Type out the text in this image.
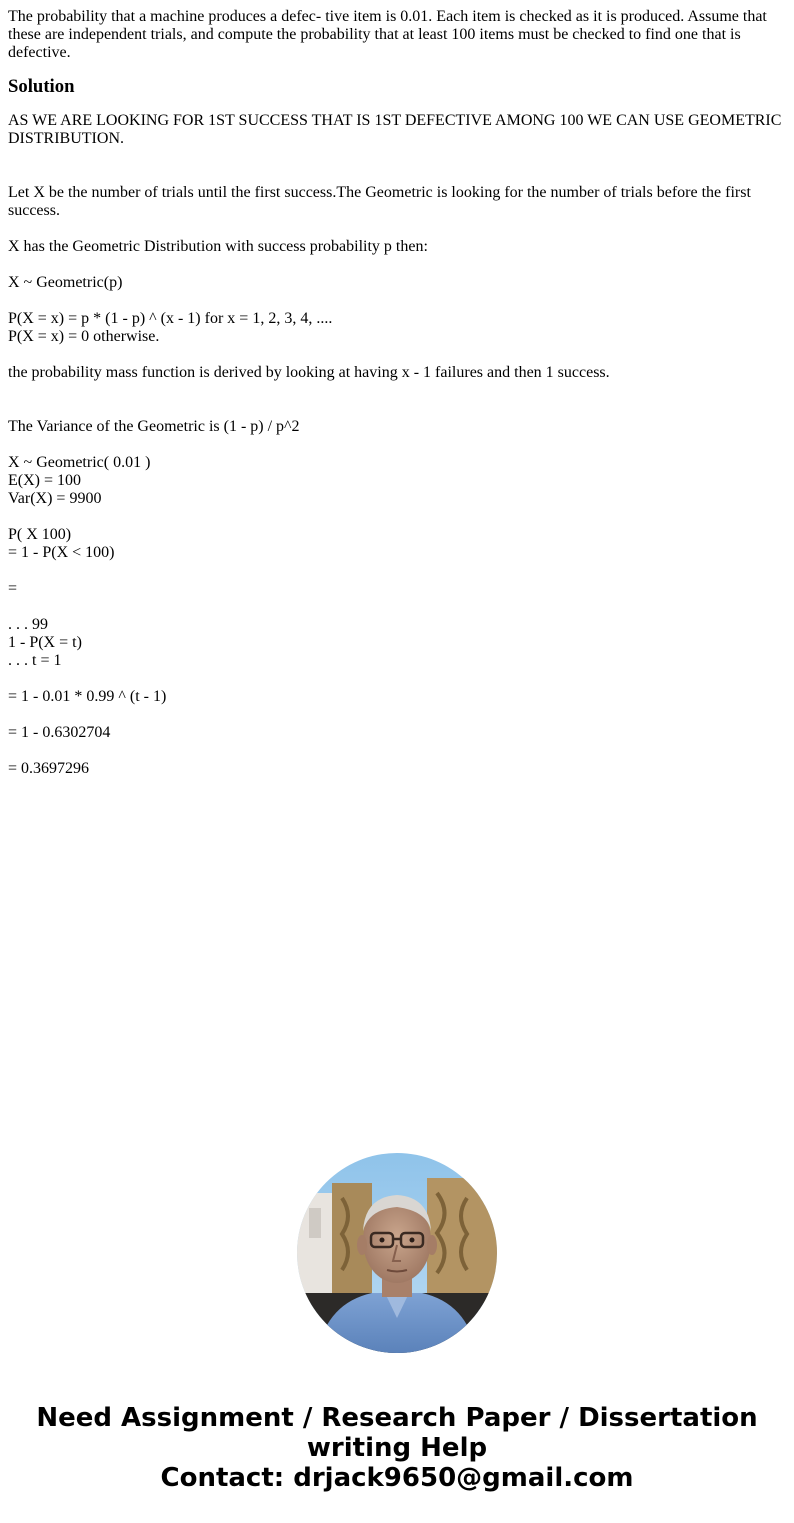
The probability that a machine produces a defec- tive item is 0.01. Each item is checked as it is produced. Assume that these are independent trials, and compute the probability that at least 100 items must be checked to find one that is defective.

Solution

AS WE ARE LOOKING FOR 1ST SUCCESS THAT IS 1ST DEFECTIVE AMONG 100 WE CAN USE GEOMETRIC DISTRIBUTION.

Let X be the number of trials until the first success.The Geometric is looking for the number of trials before the first success.

X has the Geometric Distribution with success probability p then:

X ~ Geometric(p)

P(X = x) = p * (1 - p) ^ (x - 1) for x = 1, 2, 3, 4, ....

P(X = x) = 0 otherwise.

the probability mass function is derived by looking at having x - 1 failures and then 1 success.

The Variance of the Geometric is (1 - p) / p^2

X ~ Geometric( 0.01 )

E(X) = 100

Var(X) = 9900

P( X 100)

= 1 - P(X < 100)

=

. . . 99

1 - P(X = t)

. . . t = 1

= 1 - 0.01 * 0.99 ^ (t - 1)

= 1 - 0.6302704

= 0.3697296

Need Assignment / Research Paper / Dissertation
writing Help
Contact: drjack9650@gmail.com
